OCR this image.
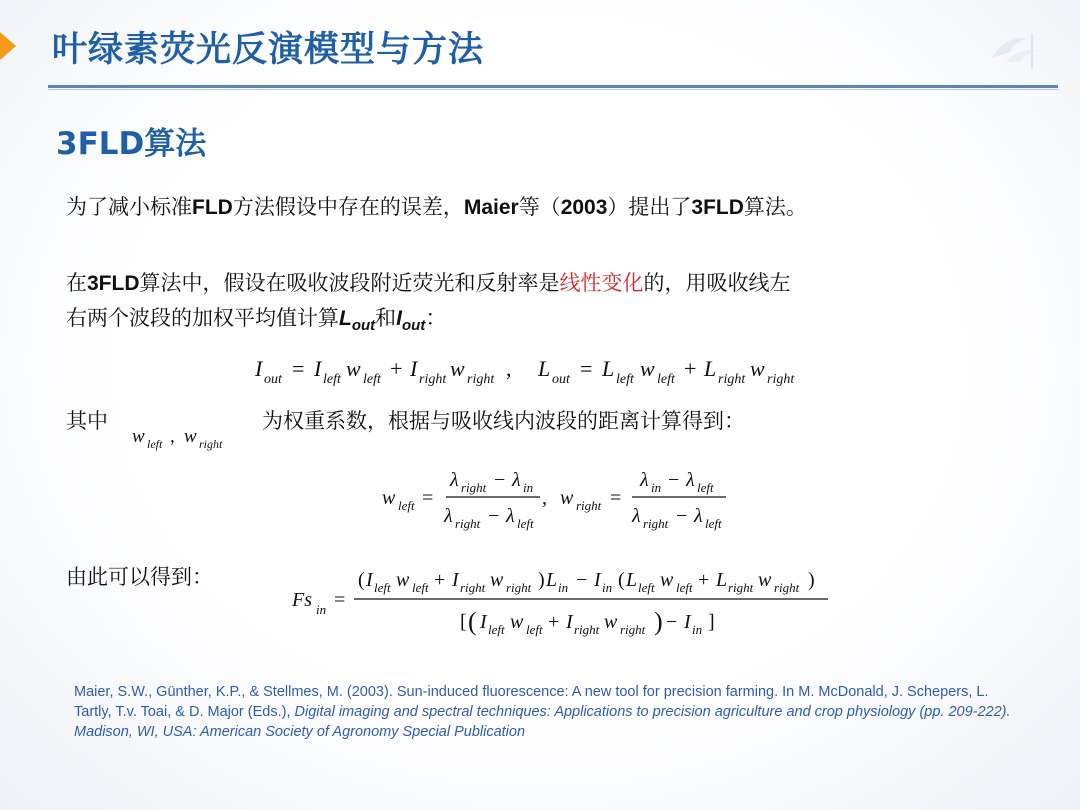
叶绿素荧光反演模型与方法
3FLD算法
为了减小标准FLD方法假设中存在的误差，Maier等（2003）提出了3FLD算法。
在3FLD算法中，假设在吸收波段附近荧光和反射率是线性变化的，用吸收线左
右两个波段的加权平均值计算$L_{out}$和$I_{out}$：
I out = I left w left + I right w right , L out = L left w left + L right w right
其中
w left , w right
为权重系数，根据与吸收线内波段的距离计算得到：
w left =
λ right − λ in
λ right − λ left
, w right =
λ in − λ left
λ right − λ left
由此可以得到：
Fs in =
( I left w left + I right w right ) L in − I in ( L left w left + L right w right )
[ ( I left w left + I right w right ) − I in ]
Maier, S.W., Günther, K.P., & Stellmes, M. (2003). Sun-induced fluorescence: A new tool for precision farming. In M. McDonald, J. Schepers, L. Tartly, T.v. Toai, & D. Major (Eds.), Digital imaging and spectral techniques: Applications to precision agriculture and crop physiology (pp. 209-222). Madison, WI, USA: American Society of Agronomy Special Publication
